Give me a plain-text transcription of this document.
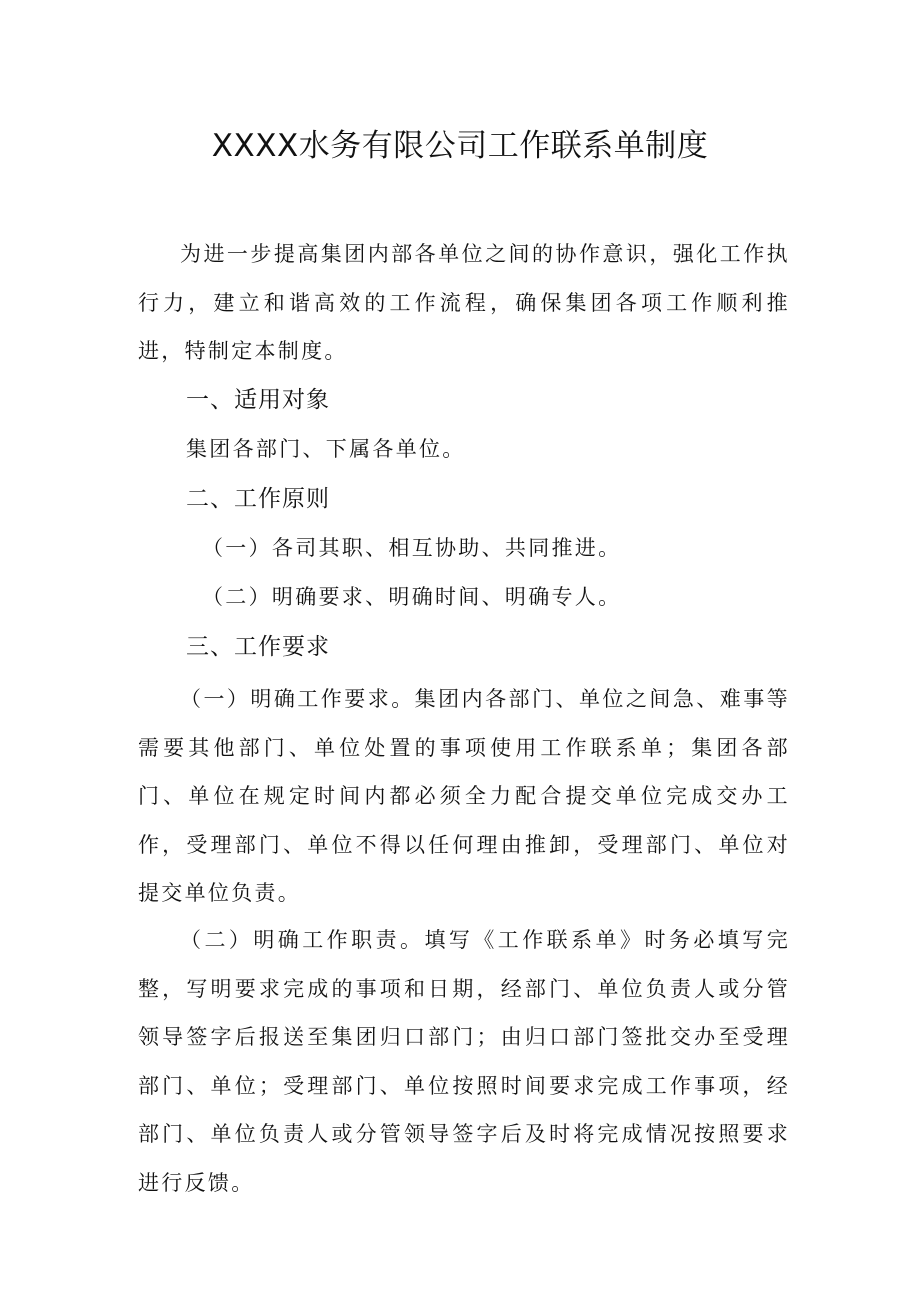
XXXX水务有限公司工作联系单制度

为进一步提高集团内部各单位之间的协作意识，强化工作执行力，建立和谐高效的工作流程，确保集团各项工作顺利推进，特制定本制度。

一、适用对象
集团各部门、下属各单位。
二、工作原则
（一）各司其职、相互协助、共同推进。
（二）明确要求、明确时间、明确专人。
三、工作要求

（一）明确工作要求。集团内各部门、单位之间急、难事等需要其他部门、单位处置的事项使用工作联系单；集团各部门、单位在规定时间内都必须全力配合提交单位完成交办工作，受理部门、单位不得以任何理由推卸，受理部门、单位对提交单位负责。

（二）明确工作职责。填写《工作联系单》时务必填写完整，写明要求完成的事项和日期，经部门、单位负责人或分管领导签字后报送至集团归口部门；由归口部门签批交办至受理部门、单位；受理部门、单位按照时间要求完成工作事项，经部门、单位负责人或分管领导签字后及时将完成情况按照要求进行反馈。
